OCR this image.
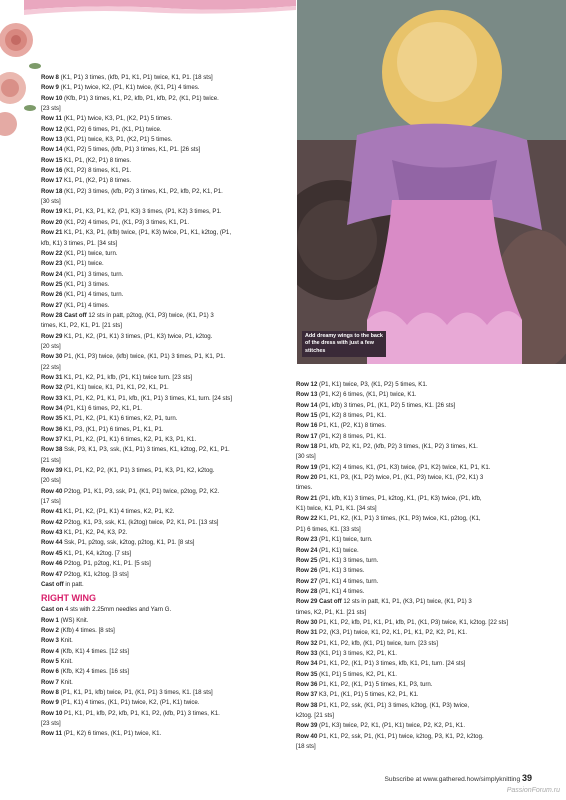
Add dreamy wings to the back of the dress with just a few stitches

Row 8 (K1, P1) 3 times, (kfb, P1, K1, P1) twice, K1, P1. [18 sts]

Row 9 (K1, P1) twice, K2, (P1, K1) twice, (K1, P1) 4 times.

Row 10 (Kfb, P1) 3 times, K1, P2, kfb, P1, kfb, P2, (K1, P1) twice.

[23 sts]

Row 11 (K1, P1) twice, K3, P1, (K2, P1) 5 times.

Row 12 (K1, P2) 6 times, P1, (K1, P1) twice.

Row 13 (K1, P1) twice, K3, P1, (K2, P1) 5 times.

Row 14 (K1, P2) 5 times, (kfb, P1) 3 times, K1, P1. [26 sts]

Row 15 K1, P1, (K2, P1) 8 times.

Row 16 (K1, P2) 8 times, K1, P1.

Row 17 K1, P1, (K2, P1) 8 times.

Row 18 (K1, P2) 3 times, (kfb, P2) 3 times, K1, P2, kfb, P2, K1, P1.

[30 sts]

Row 19 K1, P1, K3, P1, K2, (P1, K3) 3 times, (P1, K2) 3 times, P1.

Row 20 (K1, P2) 4 times, P1, (K1, P3) 3 times, K1, P1.

Row 21 K1, P1, K3, P1, (kfb) twice, (P1, K3) twice, P1, K1, k2tog, (P1,

kfb, K1) 3 times, P1. [34 sts]

Row 22 (K1, P1) twice, turn.

Row 23 (K1, P1) twice.

Row 24 (K1, P1) 3 times, turn.

Row 25 (K1, P1) 3 times.

Row 26 (K1, P1) 4 times, turn.

Row 27 (K1, P1) 4 times.

Row 28 Cast off 12 sts in patt, p2tog, (K1, P3) twice, (K1, P1) 3

times, K1, P2, K1, P1. [21 sts]

Row 29 K1, P1, K2, (P1, K1) 3 times, (P1, K3) twice, P1, k2tog.

[20 sts]

Row 30 P1, (K1, P3) twice, (kfb) twice, (K1, P1) 3 times, P1, K1, P1.

[22 sts]

Row 31 K1, P1, K2, P1, kfb, (P1, K1) twice turn. [23 sts]

Row 32 (P1, K1) twice, K1, P1, K1, P2, K1, P1.

Row 33 K1, P1, K2, P1, K1, P1, kfb, (K1, P1) 3 times, K1, turn. [24 sts]

Row 34 (P1, K1) 6 times, P2, K1, P1.

Row 35 K1, P1, K2, (P1, K1) 6 times, K2, P1, turn.

Row 36 K1, P3, (K1, P1) 6 times, P1, K1, P1.

Row 37 K1, P1, K2, (P1, K1) 6 times, K2, P1, K3, P1, K1.

Row 38 Ssk, P3, K1, P3, ssk, (K1, P1) 3 times, K1, k2tog, P2, K1, P1.

[21 sts]

Row 39 K1, P1, K2, P2, (K1, P1) 3 times, P1, K3, P1, K2, k2tog.

[20 sts]

Row 40 P2tog, P1, K1, P3, ssk, P1, (K1, P1) twice, p2tog, P2, K2.

[17 sts]

Row 41 K1, P1, K2, (P1, K1) 4 times, K2, P1, K2.

Row 42 P2tog, K1, P3, ssk, K1, (k2tog) twice, P2, K1, P1. [13 sts]

Row 43 K1, P1, K2, P4, K3, P2.

Row 44 Ssk, P1, p2tog, ssk, k2tog, p2tog, K1, P1. [8 sts]

Row 45 K1, P1, K4, k2tog. [7 sts]

Row 46 P2tog, P1, p2tog, K1, P1. [5 sts]

Row 47 P2tog, K1, k2tog. [3 sts]

Cast off in patt.

RIGHT WING

Cast on 4 sts with 2.25mm needles and Yarn G.

Row 1 (WS) Knit.

Row 2 (Kfb) 4 times. [8 sts]

Row 3 Knit.

Row 4 (Kfb, K1) 4 times. [12 sts]

Row 5 Knit.

Row 6 (Kfb, K2) 4 times. [16 sts]

Row 7 Knit.

Row 8 (P1, K1, P1, kfb) twice, P1, (K1, P1) 3 times, K1. [18 sts]

Row 9 (P1, K1) 4 times, (K1, P1) twice, K2, (P1, K1) twice.

Row 10 P1, K1, P1, kfb, P2, kfb, P1, K1, P2, (kfb, P1) 3 times, K1.

[23 sts]

Row 11 (P1, K2) 6 times, (K1, P1) twice, K1.

Row 12 (P1, K1) twice, P3, (K1, P2) 5 times, K1.

Row 13 (P1, K2) 6 times, (K1, P1) twice, K1.

Row 14 (P1, kfb) 3 times, P1, (K1, P2) 5 times, K1. [26 sts]

Row 15 (P1, K2) 8 times, P1, K1.

Row 16 P1, K1, (P2, K1) 8 times.

Row 17 (P1, K2) 8 times, P1, K1.

Row 18 P1, kfb, P2, K1, P2, (kfb, P2) 3 times, (K1, P2) 3 times, K1.

[30 sts]

Row 19 (P1, K2) 4 times, K1, (P1, K3) twice, (P1, K2) twice, K1, P1, K1.

Row 20 P1, K1, P3, (K1, P2) twice, P1, (K1, P3) twice, K1, (P2, K1) 3

times.

Row 21 (P1, kfb, K1) 3 times, P1, k2tog, K1, (P1, K3) twice, (P1, kfb,

K1) twice, K1, P1, K1. [34 sts]

Row 22 K1, P1, K2, (K1, P1) 3 times, (K1, P3) twice, K1, p2tog, (K1,

P1) 6 times, K1. [33 sts]

Row 23 (P1, K1) twice, turn.

Row 24 (P1, K1) twice.

Row 25 (P1, K1) 3 times, turn.

Row 26 (P1, K1) 3 times.

Row 27 (P1, K1) 4 times, turn.

Row 28 (P1, K1) 4 times.

Row 29 Cast off 12 sts in patt, K1, P1, (K3, P1) twice, (K1, P1) 3

times, K2, P1, K1. [21 sts]

Row 30 P1, K1, P2, kfb, P1, K1, P1, kfb, P1, (K1, P3) twice, K1, k2tog. [22 sts]

Row 31 P2, (K3, P1) twice, K1, P2, K1, P1, K1, P2, K2, P1, K1.

Row 32 P1, K1, P2, kfb, (K1, P1) twice, turn. [23 sts]

Row 33 (K1, P1) 3 times, K2, P1, K1.

Row 34 P1, K1, P2, (K1, P1) 3 times, kfb, K1, P1, turn. [24 sts]

Row 35 (K1, P1) 5 times, K2, P1, K1.

Row 36 P1, K1, P2, (K1, P1) 5 times, K1, P3, turn.

Row 37 K3, P1, (K1, P1) 5 times, K2, P1, K1.

Row 38 P1, K1, P2, ssk, (K1, P1) 3 times, k2tog, (K1, P3) twice,

k2tog. [21 sts]

Row 39 (P1, K3) twice, P2, K1, (P1, K1) twice, P2, K2, P1, K1.

Row 40 P1, K1, P2, ssk, P1, (K1, P1) twice, k2tog, P3, K1, P2, k2tog.

[18 sts]

Subscribe at www.gathered.how/simplyknitting 39
PassionForum.ru
